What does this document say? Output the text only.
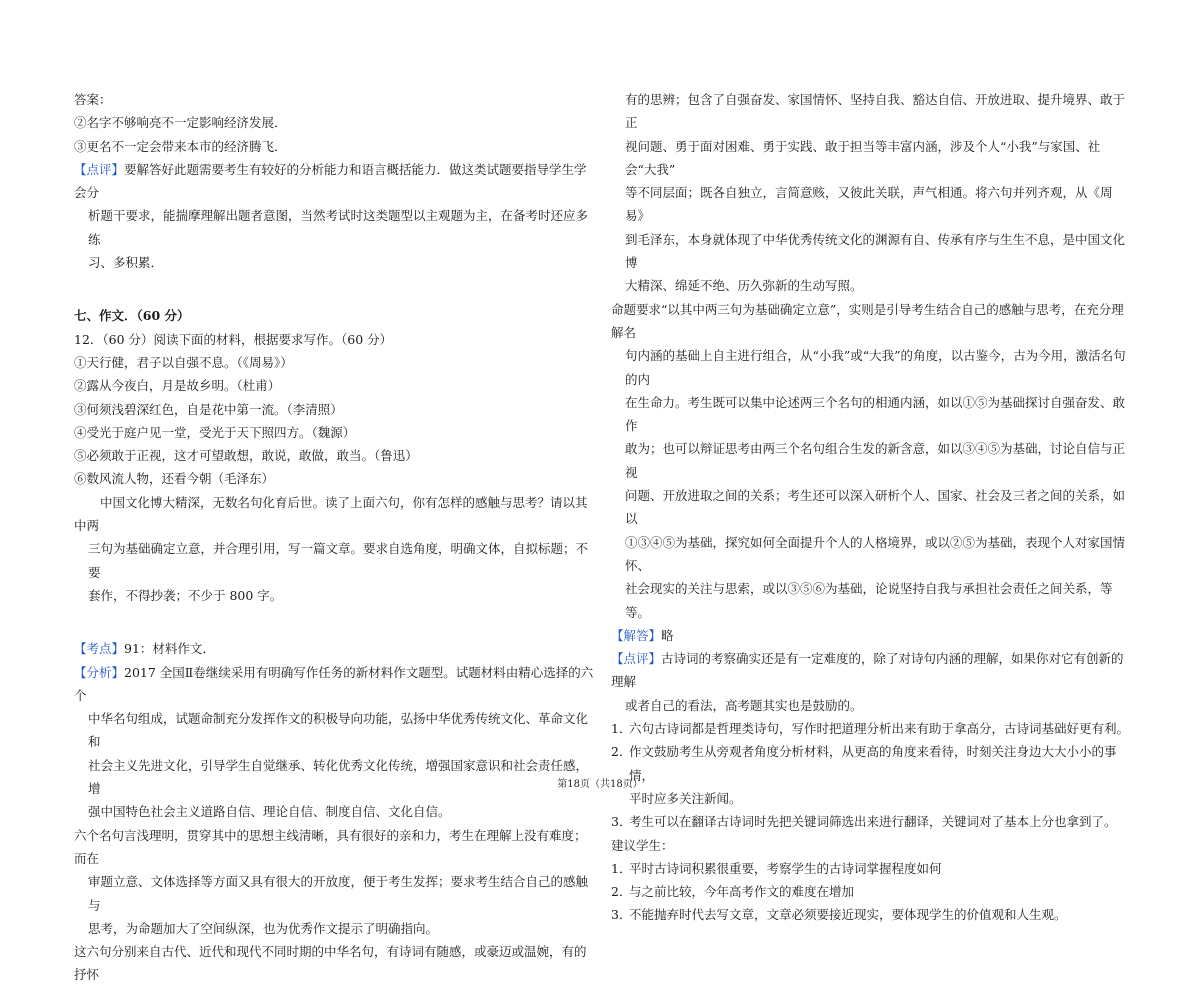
答案：

②名字不够响亮不一定影响经济发展．

③更名不一定会带来本市的经济腾飞．

【点评】要解答好此题需要考生有较好的分析能力和语言概括能力．做这类试题要指导学生学会分

析题干要求，能揣摩理解出题者意图，当然考试时这类题型以主观题为主，在备考时还应多练

习、多积累．

七、作文．（60 分）

12．（60 分）阅读下面的材料，根据要求写作。（60 分）

①天行健，君子以自强不息。（《周易》）

②露从今夜白，月是故乡明。（杜甫）

③何须浅碧深红色，自是花中第一流。（李清照）

④受光于庭户见一堂，受光于天下照四方。（魏源）

⑤必须敢于正视，这才可望敢想，敢说，敢做，敢当。（鲁迅）

⑥数风流人物，还看今朝（毛泽东）

中国文化博大精深，无数名句化育后世。读了上面六句，你有怎样的感触与思考？请以其中两

三句为基础确定立意，并合理引用，写一篇文章。要求自选角度，明确文体，自拟标题；不要

套作，不得抄袭；不少于 800 字。

【考点】91：材料作文．

【分析】2017 全国Ⅱ卷继续采用有明确写作任务的新材料作文题型。试题材料由精心选择的六个

中华名句组成，试题命制充分发挥作文的积极导向功能，弘扬中华优秀传统文化、革命文化和

社会主义先进文化，引导学生自觉继承、转化优秀文化传统，增强国家意识和社会责任感，增

强中国特色社会主义道路自信、理论自信、制度自信、文化自信。

六个名句言浅理明，贯穿其中的思想主线清晰，具有很好的亲和力，考生在理解上没有难度；而在

审题立意、文体选择等方面又具有很大的开放度，便于考生发挥；要求考生结合自己的感触与

思考，为命题加大了空间纵深，也为优秀作文提示了明确指向。

这六句分别来自古代、近代和现代不同时期的中华名句，有诗词有随感，或豪迈或温婉，有的抒怀

有的思辨；包含了自强奋发、家国情怀、坚持自我、豁达自信、开放进取、提升境界、敢于正

视问题、勇于面对困难、勇于实践、敢于担当等丰富内涵，涉及个人“小我”与家国、社会“大我”

等不同层面；既各自独立，言简意赅，又彼此关联，声气相通。将六句并列齐观，从《周易》

到毛泽东，本身就体现了中华优秀传统文化的渊源有自、传承有序与生生不息，是中国文化博

大精深、绵延不绝、历久弥新的生动写照。

命题要求“以其中两三句为基础确定立意”，实则是引导考生结合自己的感触与思考，在充分理解名

句内涵的基础上自主进行组合，从“小我”或“大我”的角度，以古鉴今，古为今用，激活名句的内

在生命力。考生既可以集中论述两三个名句的相通内涵，如以①⑤为基础探讨自强奋发、敢作

敢为；也可以辩证思考由两三个名句组合生发的新含意，如以③④⑤为基础，讨论自信与正视

问题、开放进取之间的关系；考生还可以深入研析个人、国家、社会及三者之间的关系，如以

①③④⑤为基础，探究如何全面提升个人的人格境界，或以②⑤为基础，表现个人对家国情怀、

社会现实的关注与思索，或以③⑤⑥为基础，论说坚持自我与承担社会责任之间关系，等等。

【解答】略

【点评】古诗词的考察确实还是有一定难度的，除了对诗句内涵的理解，如果你对它有创新的理解

或者自己的看法，高考题其实也是鼓励的。

1．
六句古诗词都是哲理类诗句，写作时把道理分析出来有助于拿高分，古诗词基础好更有利。
2．
作文鼓励考生从旁观者角度分析材料，从更高的角度来看待，时刻关注身边大大小小的事情，
平时应多关注新闻。
3．
考生可以在翻译古诗词时先把关键词筛选出来进行翻译，关键词对了基本上分也拿到了。

建议学生：

1．
平时古诗词积累很重要，考察学生的古诗词掌握程度如何
2．
与之前比较，今年高考作文的难度在增加
3．
不能抛弃时代去写文章，文章必须要接近现实，要体现学生的价值观和人生观。
第18页（共18页）
